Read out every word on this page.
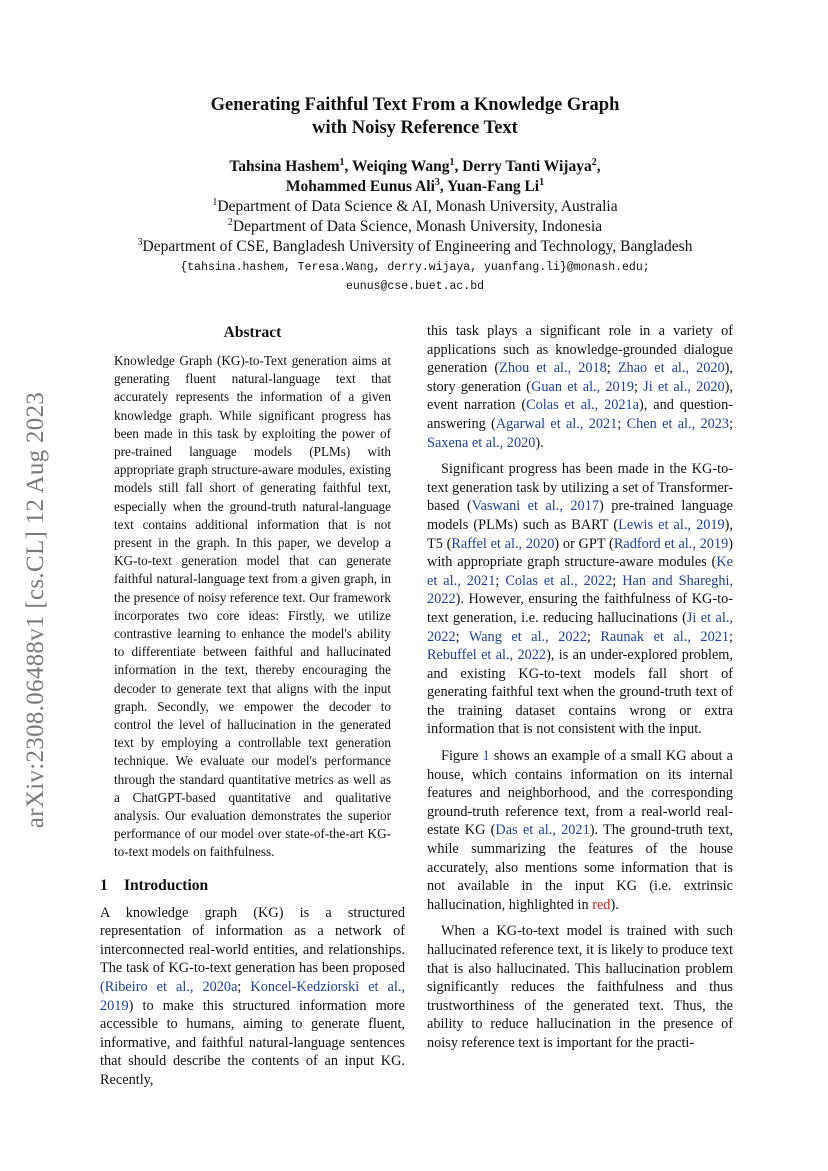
arXiv:2308.06488v1 [cs.CL] 12 Aug 2023
Generating Faithful Text From a Knowledge Graph
with Noisy Reference Text
Tahsina Hashem$^1$, Weiqing Wang$^1$, Derry Tanti Wijaya$^2$,
Mohammed Eunus Ali$^3$, Yuan-Fang Li$^1$
$^1$Department of Data Science & AI, Monash University, Australia
$^2$Department of Data Science, Monash University, Indonesia
$^3$Department of CSE, Bangladesh University of Engineering and Technology, Bangladesh
{tahsina.hashem, Teresa.Wang, derry.wijaya, yuanfang.li}@monash.edu;
eunus@cse.buet.ac.bd
Abstract

Knowledge Graph (KG)-to-Text generation aims at generating fluent natural-language text that accurately represents the information of a given knowledge graph. While significant progress has been made in this task by exploiting the power of pre-trained language models (PLMs) with appropriate graph structure-aware modules, existing models still fall short of generating faithful text, especially when the ground-truth natural-language text contains additional information that is not present in the graph. In this paper, we develop a KG-to-text generation model that can generate faithful natural-language text from a given graph, in the presence of noisy reference text. Our framework incorporates two core ideas: Firstly, we utilize contrastive learning to enhance the model's ability to differentiate between faithful and hallucinated information in the text, thereby encouraging the decoder to generate text that aligns with the input graph. Secondly, we empower the decoder to control the level of hallucination in the generated text by employing a controllable text generation technique. We evaluate our model's performance through the standard quantitative metrics as well as a ChatGPT-based quantitative and qualitative analysis. Our evaluation demonstrates the superior performance of our model over state-of-the-art KG-to-text models on faithfulness.

1 Introduction

A knowledge graph (KG) is a structured representation of information as a network of interconnected real-world entities, and relationships. The task of KG-to-text generation has been proposed (Ribeiro et al., 2020a; Koncel-Kedziorski et al., 2019) to make this structured information more accessible to humans, aiming to generate fluent, informative, and faithful natural-language sentences that should describe the contents of an input KG. Recently,

this task plays a significant role in a variety of applications such as knowledge-grounded dialogue generation (Zhou et al., 2018; Zhao et al., 2020), story generation (Guan et al., 2019; Ji et al., 2020), event narration (Colas et al., 2021a), and question-answering (Agarwal et al., 2021; Chen et al., 2023; Saxena et al., 2020).

Significant progress has been made in the KG-to-text generation task by utilizing a set of Transformer-based (Vaswani et al., 2017) pre-trained language models (PLMs) such as BART (Lewis et al., 2019), T5 (Raffel et al., 2020) or GPT (Radford et al., 2019) with appropriate graph structure-aware modules (Ke et al., 2021; Colas et al., 2022; Han and Shareghi, 2022). However, ensuring the faithfulness of KG-to-text generation, i.e. reducing hallucinations (Ji et al., 2022; Wang et al., 2022; Raunak et al., 2021; Rebuffel et al., 2022), is an under-explored problem, and existing KG-to-text models fall short of generating faithful text when the ground-truth text of the training dataset contains wrong or extra information that is not consistent with the input.

Figure 1 shows an example of a small KG about a house, which contains information on its internal features and neighborhood, and the corresponding ground-truth reference text, from a real-world real-estate KG (Das et al., 2021). The ground-truth text, while summarizing the features of the house accurately, also mentions some information that is not available in the input KG (i.e. extrinsic hallucination, highlighted in red).

When a KG-to-text model is trained with such hallucinated reference text, it is likely to produce text that is also hallucinated. This hallucination problem significantly reduces the faithfulness and thus trustworthiness of the generated text. Thus, the ability to reduce hallucination in the presence of noisy reference text is important for the practi-
